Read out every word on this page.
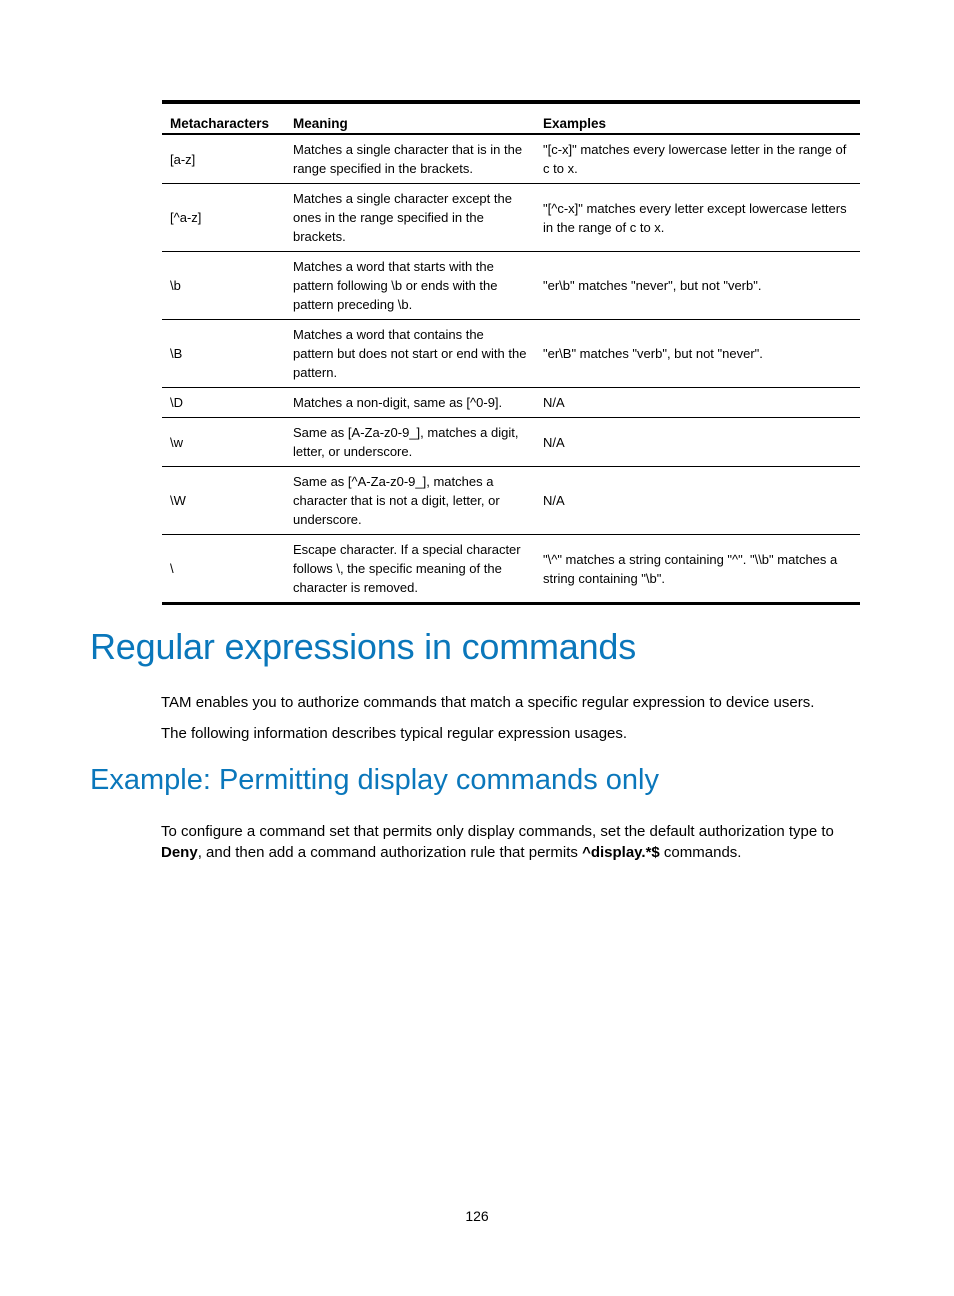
Metacharacters	Meaning	Examples
[a-z]	Matches a single character that is in the range specified in the brackets.	"[c-x]" matches every lowercase letter in the range of c to x.
[^a-z]	Matches a single character except the ones in the range specified in the brackets.	"[^c-x]" matches every letter except lowercase letters in the range of c to x.
\b	Matches a word that starts with the pattern following \b or ends with the pattern preceding \b.	"er\b" matches "never", but not "verb".
\B	Matches a word that contains the pattern but does not start or end with the pattern.	"er\B" matches "verb", but not "never".
\D	Matches a non-digit, same as [^0-9].	N/A
\w	Same as [A-Za-z0-9_], matches a digit, letter, or underscore.	N/A
\W	Same as [^A-Za-z0-9_], matches a character that is not a digit, letter, or underscore.	N/A
\	Escape character. If a special character follows \, the specific meaning of the character is removed.	"\^" matches a string containing "^". "\\b" matches a string containing "\b".
Regular expressions in commands

TAM enables you to authorize commands that match a specific regular expression to device users.

The following information describes typical regular expression usages.

Example: Permitting display commands only

To configure a command set that permits only display commands, set the default authorization type to Deny, and then add a command authorization rule that permits ^display.*$ commands.

126
